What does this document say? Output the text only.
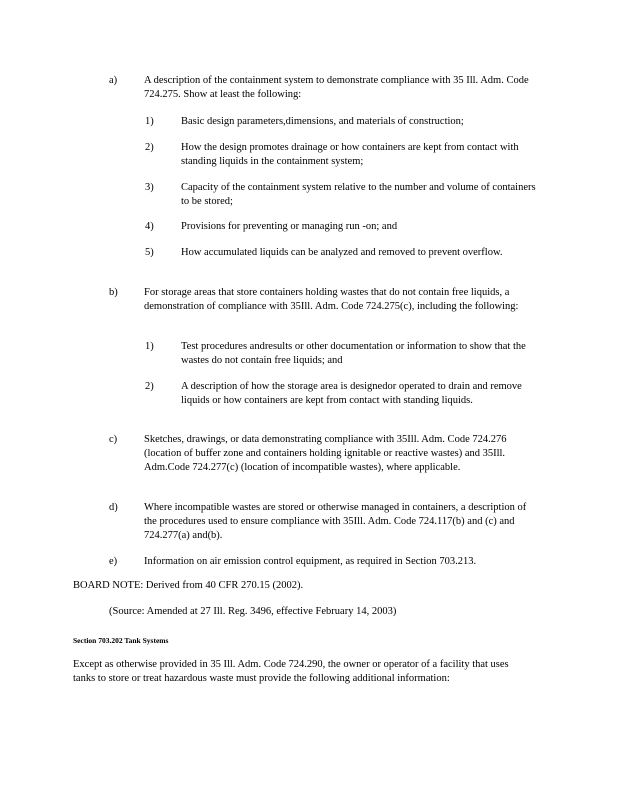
a)	A description of the containment system to demonstrate compliance with 35 Ill. Adm. Code 724.275. Show at least the following:
1)	Basic design parameters,dimensions, and materials of construction;
2)	How the design promotes drainage or how containers are kept from contact with standing liquids in the containment system;
3)	Capacity of the containment system relative to the number and volume of containers to be stored;
4)	Provisions for preventing or managing run -on; and
5)	How accumulated liquids can be analyzed and removed to prevent overflow.
b)	For storage areas that store containers holding wastes that do not contain free liquids, a demonstration of compliance with 35Ill. Adm. Code 724.275(c), including the following:
1)	Test procedures andresults or other documentation or information to show that the wastes do not contain free liquids; and
2)	A description of how the storage area is designedor operated to drain and remove liquids or how containers are kept from contact with standing liquids.
c)	Sketches, drawings, or data demonstrating compliance with 35Ill. Adm. Code 724.276 (location of buffer zone and containers holding ignitable or reactive wastes) and 35Ill. Adm.Code 724.277(c) (location of incompatible wastes), where applicable.
d)	Where incompatible wastes are stored or otherwise managed in containers, a description of the procedures used to ensure compliance with 35Ill. Adm. Code 724.117(b) and (c) and 724.277(a) and(b).
e)	Information on air emission control equipment, as required in Section 703.213.
BOARD NOTE: Derived from 40 CFR 270.15 (2002).
(Source: Amended at 27 Ill. Reg. 3496, effective February 14, 2003)
Section 703.202 Tank Systems
Except as otherwise provided in 35 Ill. Adm. Code 724.290, the owner or operator of a facility that uses tanks to store or treat hazardous waste must provide the following additional information:
